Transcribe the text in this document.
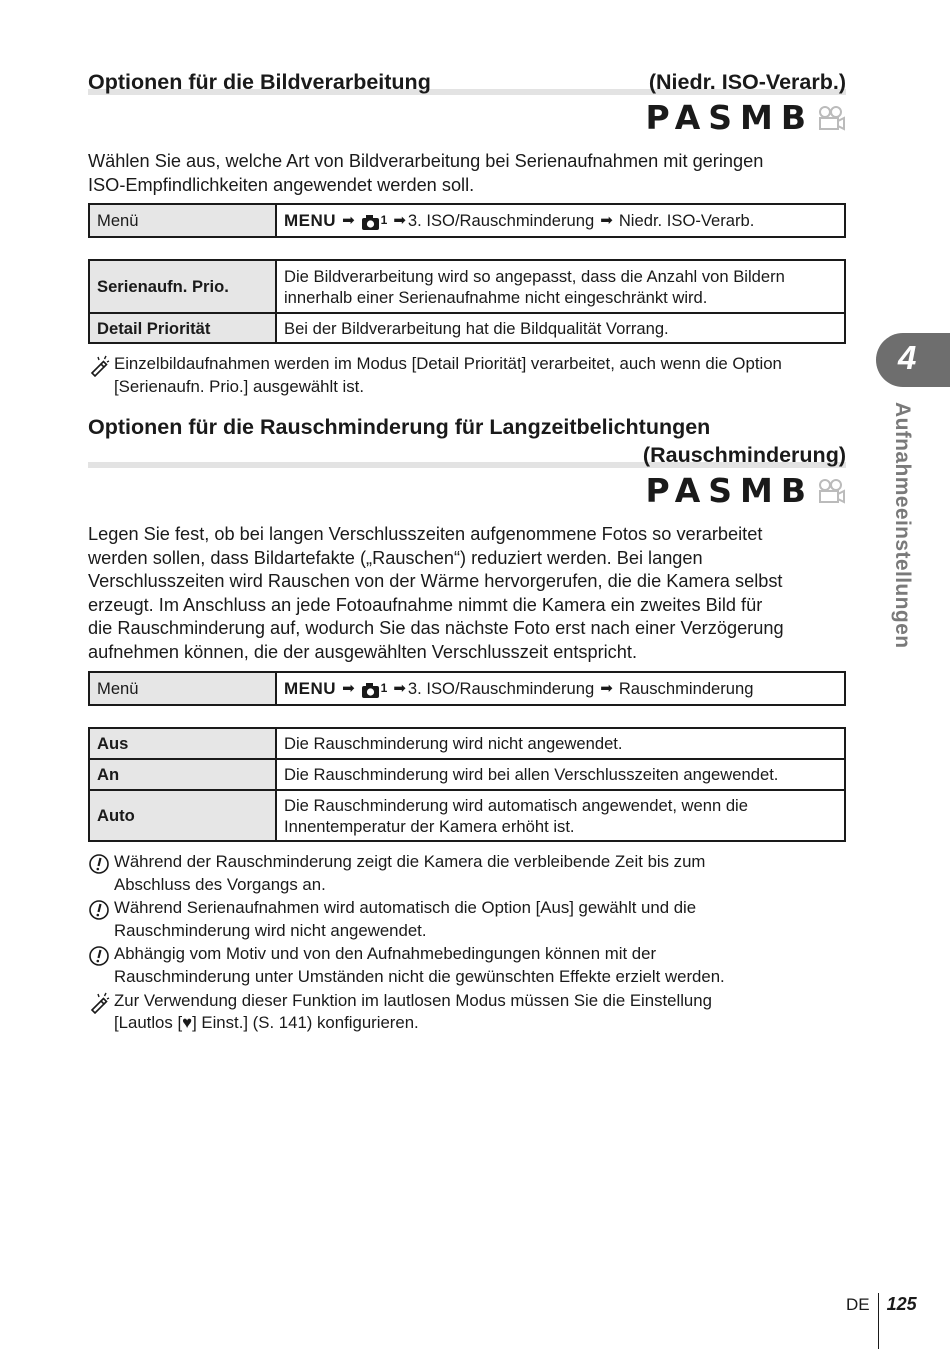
Optionen für die Bildverarbeitung	(Niedr. ISO-Verarb.)
PASMB

Wählen Sie aus, welche Art von Bildverarbeitung bei Serienaufnahmen mit geringen

ISO-Empfindlichkeiten angewendet werden soll.

Menü	MENU ➡ 1 ➡ 3. ISO/Rauschminderung ➡ Niedr. ISO-Verarb.
Serienaufn. Prio.	Die Bildverarbeitung wird so angepasst, dass die Anzahl von Bildern
innerhalb einer Serienaufnahme nicht eingeschränkt wird.

Detail Priorität	Bei der Bildverarbeitung hat die Bildqualität Vorrang.
Einzelbildaufnahmen werden im Modus [Detail Priorität] verarbeitet, auch wenn die Option
[Serienaufn. Prio.] ausgewählt ist.
Optionen für die Rauschminderung für Langzeitbelichtungen
(Rauschminderung)
PASMB

Legen Sie fest, ob bei langen Verschlusszeiten aufgenommene Fotos so verarbeitet

werden sollen, dass Bildartefakte („Rauschen“) reduziert werden. Bei langen

Verschlusszeiten wird Rauschen von der Wärme hervorgerufen, die die Kamera selbst

erzeugt. Im Anschluss an jede Fotoaufnahme nimmt die Kamera ein zweites Bild für

die Rauschminderung auf, wodurch Sie das nächste Foto erst nach einer Verzögerung

aufnehmen können, die der ausgewählten Verschlusszeit entspricht.

Menü	MENU ➡ 1 ➡ 3. ISO/Rauschminderung ➡ Rauschminderung
Aus	Die Rauschminderung wird nicht angewendet.

An	Die Rauschminderung wird bei allen Verschlusszeiten angewendet.

Auto	Die Rauschminderung wird automatisch angewendet, wenn die
Innentemperatur der Kamera erhöht ist.
Während der Rauschminderung zeigt die Kamera die verbleibende Zeit bis zum
Abschluss des Vorgangs an.
Während Serienaufnahmen wird automatisch die Option [Aus] gewählt und die
Rauschminderung wird nicht angewendet.
Abhängig vom Motiv und von den Aufnahmebedingungen können mit der
Rauschminderung unter Umständen nicht die gewünschten Effekte erzielt werden.
Zur Verwendung dieser Funktion im lautlosen Modus müssen Sie die Einstellung
[Lautlos [♥] Einst.] (S. 141) konfigurieren.
4
Aufnahmeeinstellungen
DE 125
